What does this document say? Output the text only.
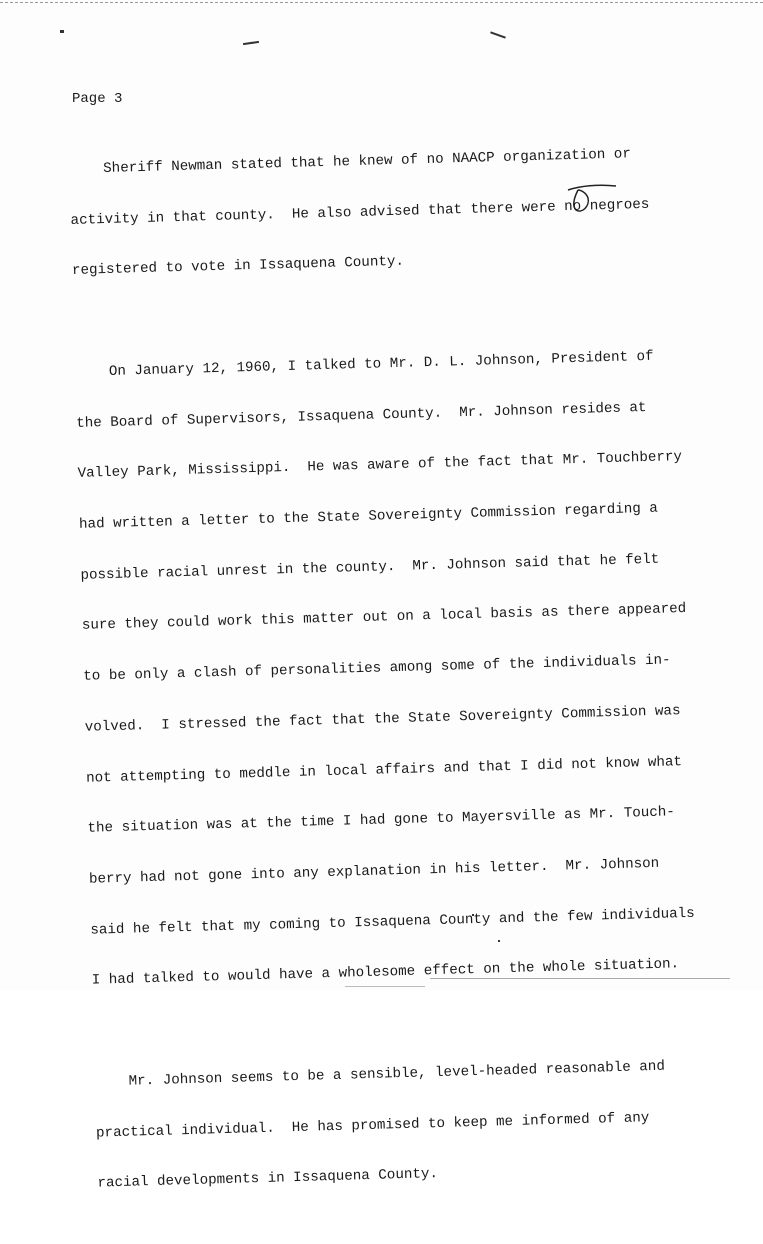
Page 3

Sheriff Newman stated that he knew of no NAACP organization or

activity in that county.  He also advised that there were no negroes

registered to vote in Issaquena County.

On January 12, 1960, I talked to Mr. D. L. Johnson, President of

the Board of Supervisors, Issaquena County.  Mr. Johnson resides at

Valley Park, Mississippi.  He was aware of the fact that Mr. Touchberry

had written a letter to the State Sovereignty Commission regarding a

possible racial unrest in the county.  Mr. Johnson said that he felt

sure they could work this matter out on a local basis as there appeared

to be only a clash of personalities among some of the individuals in-

volved.  I stressed the fact that the State Sovereignty Commission was

not attempting to meddle in local affairs and that I did not know what

the situation was at the time I had gone to Mayersville as Mr. Touch-

berry had not gone into any explanation in his letter.  Mr. Johnson

said he felt that my coming to Issaquena County and the few individuals

I had talked to would have a wholesome effect on the whole situation.

Mr. Johnson seems to be a sensible, level-headed reasonable and

practical individual.  He has promised to keep me informed of any

racial developments in Issaquena County.
